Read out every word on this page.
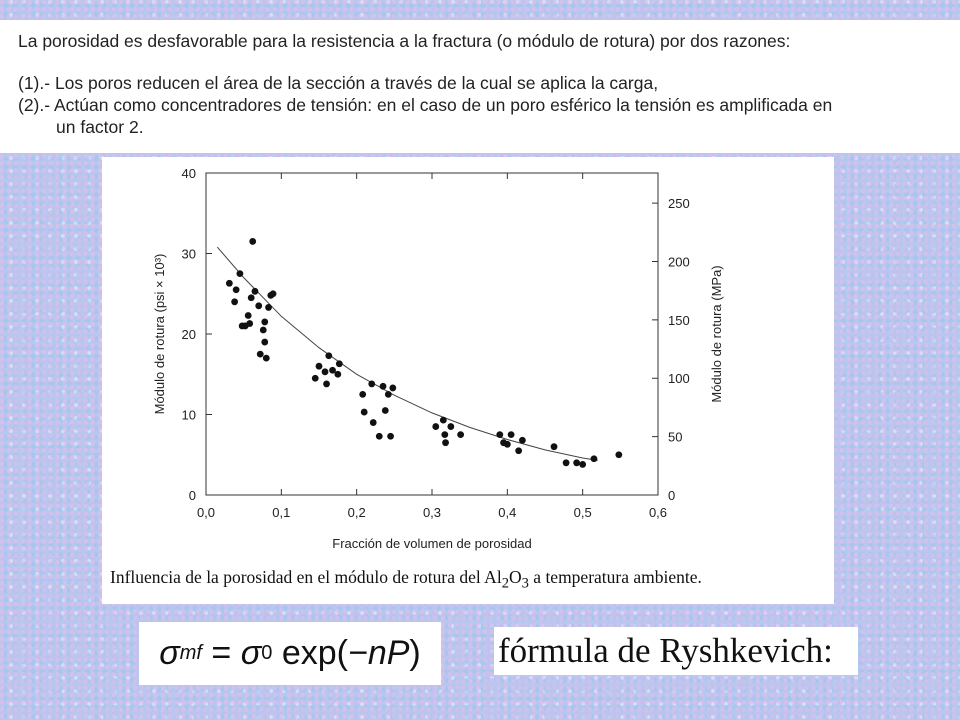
La porosidad es desfavorable para la resistencia a la fractura (o módulo de rotura) por dos razones:

(1).- Los poros reducen el área de la sección a través de la cual se aplica la carga,

(2).- Actúan como concentradores de tensión: en el caso de un poro esférico la tensión es amplificada en

un factor 2.

0,0	0,1	0,2	0,3	0,4	0,5	0,6
0
10
20
30
40
0
50
100
150
200
250
Fracción de volumen de porosidad
Módulo de rotura (psi × 10³)	Módulo de rotura (MPa)
Influencia de la porosidad en el módulo de rotura del $Al_2O_3$ a temperatura ambiente.
σ mf = σ 0 exp ( −n P ) fórmula de Ryshkevich:
